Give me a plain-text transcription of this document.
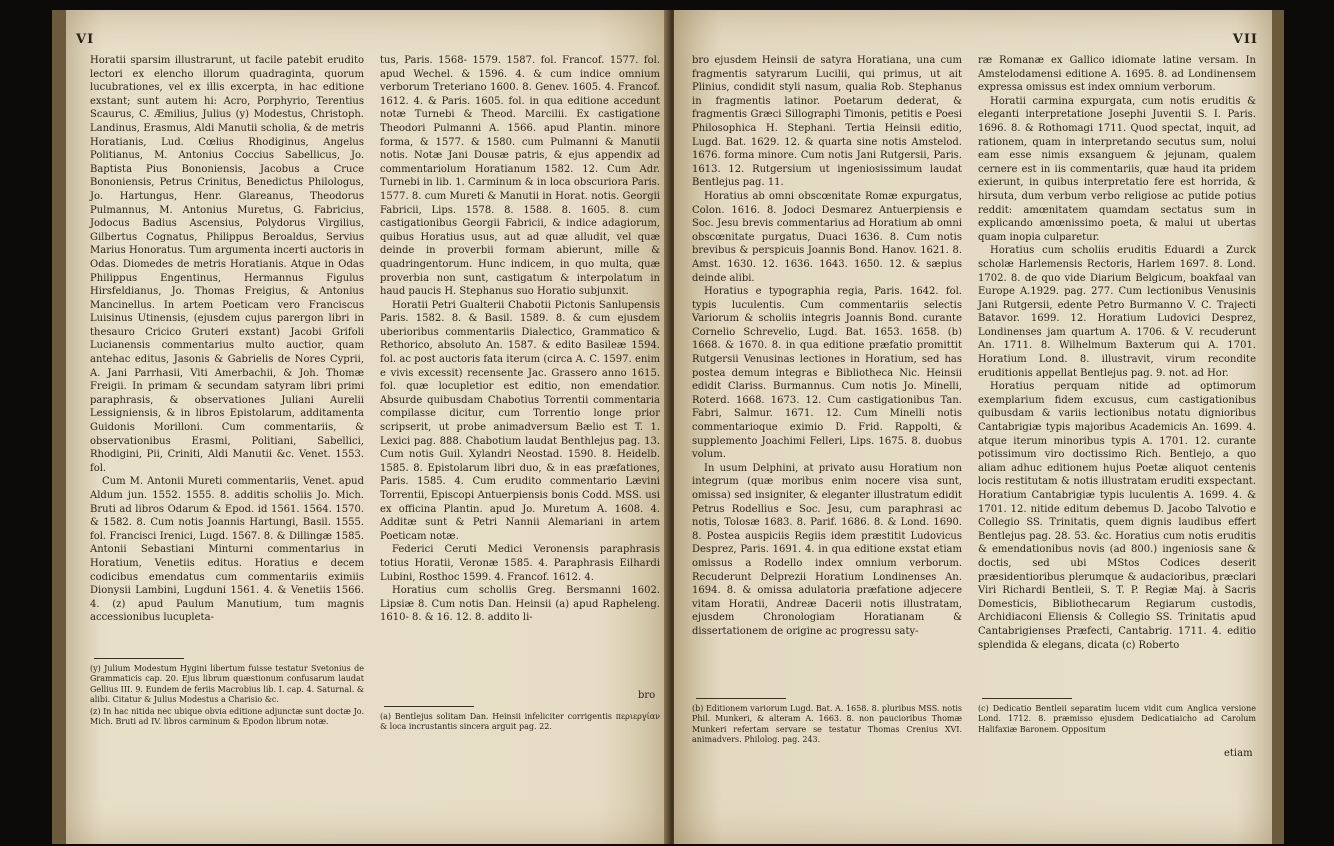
VI

Horatii sparsim illustrarunt, ut facile patebit erudito lectori ex elencho illorum quadraginta, quorum lucubrationes, vel ex illis excerpta, in hac editione exstant; sunt autem hi: Acro, Porphyrio, Terentius Scaurus, C. Æmilius, Julius (y) Modestus, Christoph. Landinus, Erasmus, Aldi Manutii scholia, & de metris Horatianis, Lud. Cœlius Rhodiginus, Angelus Politianus, M. Antonius Coccius Sabellicus, Jo. Baptista Pius Bononiensis, Jacobus a Cruce Bononiensis, Petrus Crinitus, Benedictus Philologus, Jo. Hartungus, Henr. Glareanus, Theodorus Pulmannus, M. Antonius Muretus, G. Fabricius, Jodocus Badius Ascensius, Polydorus Virgilius, Gilbertus Cognatus, Philippus Beroaldus, Servius Marius Honoratus. Tum argumenta incerti auctoris in Odas. Diomedes de metris Horatianis. Atque in Odas Philippus Engentinus, Hermannus Figulus Hirsfeldianus, Jo. Thomas Freigius, & Antonius Mancinellus. In artem Poeticam vero Franciscus Luisinus Utinensis, (ejusdem cujus parergon libri in thesauro Cricico Gruteri exstant) Jacobi Grifoli Lucianensis commentarius multo auctior, quam antehac editus, Jasonis & Gabrielis de Nores Cyprii, A. Jani Parrhasii, Viti Amerbachii, & Joh. Thomæ Freigii. In primam & secundam satyram libri primi paraphrasis, & observationes Juliani Aurelii Lessigniensis, & in libros Epistolarum, additamenta Guidonis Morilloni. Cum commentariis, & observationibus Erasmi, Politiani, Sabellici, Rhodigini, Pii, Criniti, Aldi Manutii &c. Venet. 1553. fol.

Cum M. Antonii Mureti commentariis, Venet. apud Aldum jun. 1552. 1555. 8. additis scholiis Jo. Mich. Bruti ad libros Odarum & Epod. id 1561. 1564. 1570. & 1582. 8. Cum notis Joannis Hartungi, Basil. 1555. fol. Francisci Irenici, Lugd. 1567. 8. & Dillingæ 1585. Antonii Sebastiani Minturni commentarius in Horatium, Venetiis editus. Horatius e decem codicibus emendatus cum commentariis eximiis Dionysii Lambini, Lugduni 1561. 4. & Venetiis 1566. 4. (z) apud Paulum Manutium, tum magnis accessionibus lucupleta-

tus, Paris. 1568- 1579. 1587. fol. Francof. 1577. fol. apud Wechel. & 1596. 4. & cum indice omnium verborum Treteriano 1600. 8. Genev. 1605. 4. Francof. 1612. 4. & Paris. 1605. fol. in qua editione accedunt notæ Turnebi & Theod. Marcilii. Ex castigatione Theodori Pulmanni A. 1566. apud Plantin. minore forma, & 1577. & 1580. cum Pulmanni & Manutii notis. Notæ Jani Dousæ patris, & ejus appendix ad commentariolum Horatianum 1582. 12. Cum Adr. Turnebi in lib. 1. Carminum & in loca obscuriora Paris. 1577. 8. cum Mureti & Manutii in Horat. notis. Georgii Fabricii, Lips. 1578. 8. 1588. 8. 1605. 8. cum castigationibus Georgii Fabricii, & indice adagiorum, quibus Horatius usus, aut ad quæ alludit, vel quæ deinde in proverbii formam abierunt, mille & quadringentorum. Hunc indicem, in quo multa, quæ proverbia non sunt, castigatum & interpolatum in haud paucis H. Stephanus suo Horatio subjunxit.

Horatii Petri Gualterii Chabotii Pictonis Sanlupensis Paris. 1582. 8. & Basil. 1589. 8. & cum ejusdem uberioribus commentariis Dialectico, Grammatico & Rethorico, absoluto An. 1587. & edito Basileæ 1594. fol. ac post auctoris fata iterum (circa A. C. 1597. enim e vivis excessit) recensente Jac. Grassero anno 1615. fol. quæ locupletior est editio, non emendatior. Absurde quibusdam Chabotius Torrentii commentaria compilasse dicitur, cum Torrentio longe prior scripserit, ut probe animadversum Bælio est T. 1. Lexici pag. 888. Chabotium laudat Benthlejus pag. 13. Cum notis Guil. Xylandri Neostad. 1590. 8. Heidelb. 1585. 8. Epistolarum libri duo, & in eas præfationes, Paris. 1585. 4. Cum erudito commentario Lævini Torrentii, Episcopi Antuerpiensis bonis Codd. MSS. usi ex officina Plantin. apud Jo. Muretum A. 1608. 4. Additæ sunt & Petri Nannii Alemariani in artem Poeticam notæ.

Federici Ceruti Medici Veronensis paraphrasis totius Horatii, Veronæ 1585. 4. Paraphrasis Eilhardi Lubini, Rosthoc 1599. 4. Francof. 1612. 4.

Horatius cum scholiis Greg. Bersmanni 1602. Lipsiæ 8. Cum notis Dan. Heinsii (a) apud Rapheleng. 1610- 8. & 16. 12. 8. addito li-

bro

(y) Julium Modestum Hygini libertum fuisse testatur Svetonius de Grammaticis cap. 20. Ejus librum quæstionum confusarum laudat Gellius III. 9. Eundem de feriis Macrobius lib. I. cap. 4. Saturnal. & alibi. Citatur & Julius Modestus a Charisio &c.

(z) In hac nitida nec ubique obvia editione adjunctæ sunt doctæ Jo. Mich. Bruti ad IV. libros carminum & Epodon librum notæ.

(a) Bentlejus solitam Dan. Heinsii infeliciter corrigentis περιεργίαν & loca incrustantis sincera arguit pag. 22.

VII

bro ejusdem Heinsii de satyra Horatiana, una cum fragmentis satyrarum Lucilii, qui primus, ut ait Plinius, condidit styli nasum, qualia Rob. Stephanus in fragmentis latinor. Poetarum dederat, & fragmentis Græci Sillographi Timonis, petitis e Poesi Philosophica H. Stephani. Tertia Heinsii editio, Lugd. Bat. 1629. 12. & quarta sine notis Amstelod. 1676. forma minore. Cum notis Jani Rutgersii, Paris. 1613. 12. Rutgersium ut ingeniosissimum laudat Bentlejus pag. 11.

Horatius ab omni obscœnitate Romæ expurgatus, Colon. 1616. 8. Jodoci Desmarez Antuerpiensis e Soc. Jesu brevis commentarius ad Horatium ab omni obscœnitate purgatus, Duaci 1636. 8. Cum notis brevibus & perspicuis Joannis Bond. Hanov. 1621. 8. Amst. 1630. 12. 1636. 1643. 1650. 12. & sæpius deinde alibi.

Horatius e typographia regia, Paris. 1642. fol. typis luculentis. Cum commentariis selectis Variorum & scholiis integris Joannis Bond. curante Cornelio Schrevelio, Lugd. Bat. 1653. 1658. (b) 1668. & 1670. 8. in qua editione præfatio promittit Rutgersii Venusinas lectiones in Horatium, sed has postea demum integras e Bibliotheca Nic. Heinsii edidit Clariss. Burmannus. Cum notis Jo. Minelli, Roterd. 1668. 1673. 12. Cum castigationibus Tan. Fabri, Salmur. 1671. 12. Cum Minelli notis commentarioque eximio D. Frid. Rappolti, & supplemento Joachimi Felleri, Lips. 1675. 8. duobus volum.

In usum Delphini, at privato ausu Horatium non integrum (quæ moribus enim nocere visa sunt, omissa) sed insigniter, & eleganter illustratum edidit Petrus Rodellius e Soc. Jesu, cum paraphrasi ac notis, Tolosæ 1683. 8. Parif. 1686. 8. & Lond. 1690. 8. Postea auspiciis Regiis idem præstitit Ludovicus Desprez, Paris. 1691. 4. in qua editione exstat etiam omissus a Rodello index omnium verborum. Recuderunt Delprezii Horatium Londinenses An. 1694. 8. & omissa adulatoria præfatione adjecere vitam Horatii, Andreæ Dacerii notis illustratam, ejusdem Chronologiam Horatianam & dissertationem de origine ac progressu saty-

ræ Romanæ ex Gallico idiomate latine versam. In Amstelodamensi editione A. 1695. 8. ad Londinensem expressa omissus est index omnium verborum.

Horatii carmina expurgata, cum notis eruditis & eleganti interpretatione Josephi Juventii S. I. Paris. 1696. 8. & Rothomagi 1711. Quod spectat, inquit, ad rationem, quam in interpretando secutus sum, nolui eam esse nimis exsanguem & jejunam, qualem cernere est in iis commentariis, quæ haud ita pridem exierunt, in quibus interpretatio fere est horrida, & hirsuta, dum verbum verbo religiose ac putide potius reddit: amœnitatem quamdam sectatus sum in explicando amœnissimo poeta, & malui ut ubertas quam inopia culparetur.

Horatius cum scholiis eruditis Eduardi a Zurck scholæ Harlemensis Rectoris, Harlem 1697. 8. Lond. 1702. 8. de quo vide Diarium Belgicum, boakfaal van Europe A.1929. pag. 277. Cum lectionibus Venusinis Jani Rutgersii, edente Petro Burmanno V. C. Trajecti Batavor. 1699. 12. Horatium Ludovici Desprez, Londinenses jam quartum A. 1706. & V. recuderunt An. 1711. 8. Wilhelmum Baxterum qui A. 1701. Horatium Lond. 8. illustravit, virum recondite eruditionis appellat Bentlejus pag. 9. not. ad Hor.

Horatius perquam nitide ad optimorum exemplarium fidem excusus, cum castigationibus quibusdam & variis lectionibus notatu dignioribus Cantabrigiæ typis majoribus Academicis An. 1699. 4. atque iterum minoribus typis A. 1701. 12. curante potissimum viro doctissimo Rich. Bentlejo, a quo aliam adhuc editionem hujus Poetæ aliquot centenis locis restitutam & notis illustratam eruditi exspectant. Horatium Cantabrigiæ typis luculentis A. 1699. 4. & 1701. 12. nitide editum debemus D. Jacobo Talvotio e Collegio SS. Trinitatis, quem dignis laudibus effert Bentlejus pag. 28. 53. &c. Horatius cum notis eruditis & emendationibus novis (ad 800.) ingeniosis sane & doctis, sed ubi MStos Codices deserit præsidentioribus plerumque & audacioribus, præclari Viri Richardi Bentleii, S. T. P. Regiæ Maj. à Sacris Domesticis, Bibliothecarum Regiarum custodis, Archidiaconi Eliensis & Collegio SS. Trinitatis apud Cantabrigienses Præfecti, Cantabrig. 1711. 4. editio splendida & elegans, dicata (c) Roberto

(b) Editionem variorum Lugd. Bat. A. 1658. 8. pluribus MSS. notis Phil. Munkeri, & alteram A. 1663. 8. non paucioribus Thomæ Munkeri refertam servare se testatur Thomas Crenius XVI. animadvers. Philolog. pag. 243.

(c) Dedicatio Bentleii separatim lucem vidit cum Anglica versione Lond. 1712. 8. præmisso ejusdem Dedicatiaicho ad Carolum Halifaxiæ Baronem. Oppositum

etiam
